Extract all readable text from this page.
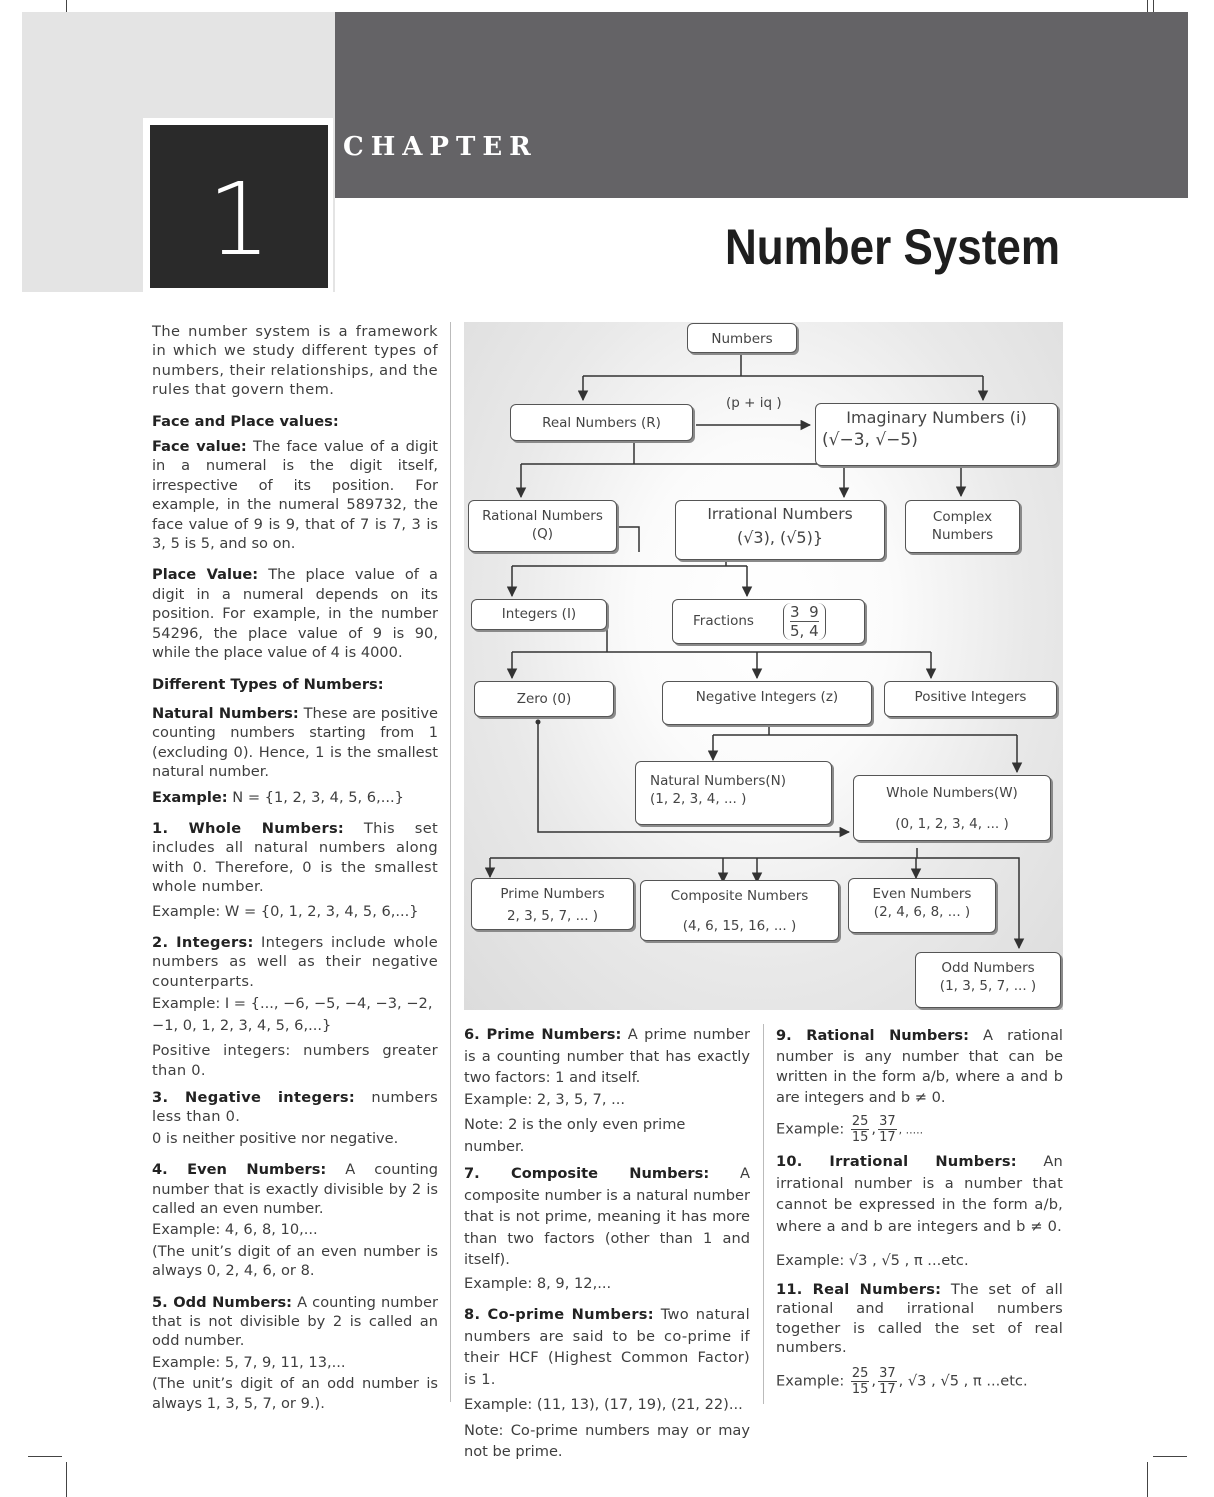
1
CHAPTER
Number System

The number system is a framework in which we study different types of numbers, their relationships, and the rules that govern them.

Face and Place values:

Face value: The face value of a digit in a numeral is the digit itself, irrespective of its position. For example, in the numeral 589732, the face value of 9 is 9, that of 7 is 7, 3 is 3, 5 is 5, and so on.

Place Value: The place value of a digit in a numeral depends on its position. For example, in the number 54296, the place value of 9 is 90, while the place value of 4 is 4000.

Different Types of Numbers:

Natural Numbers: These are positive counting numbers starting from 1 (excluding 0). Hence, 1 is the smallest natural number.

Example: N = {1, 2, 3, 4, 5, 6,...}

1. Whole Numbers: This set includes all natural numbers along with 0. Therefore, 0 is the smallest whole number.

Example: W = {0, 1, 2, 3, 4, 5, 6,...}

2. Integers: Integers include whole numbers as well as their negative counterparts.

Example: I = {..., −6, −5, −4, −3, −2, −1, 0, 1, 2, 3, 4, 5, 6,...}

Positive integers: numbers greater than 0.

3. Negative integers: numbers less than 0.

0 is neither positive nor negative.

4. Even Numbers: A counting number that is exactly divisible by 2 is called an even number.

Example: 4, 6, 8, 10,...

(The unit’s digit of an even number is always 0, 2, 4, 6, or 8.

5. Odd Numbers: A counting number that is not divisible by 2 is called an odd number.

Example: 5, 7, 9, 11, 13,...

(The unit’s digit of an odd number is always 1, 3, 5, 7, or 9.).

Numbers
(p + iq )
Real Numbers (R)	Imaginary Numbers (i)
(√−3, √−5)
Rational Numbers
(Q)
Irrational Numbers
(√3), (√5)}
Complex
Numbers
Integers (I)	Fractions $\frac{3 9}{5, 4}$
Zero (0)	Negative Integers (z)	Positive Integers
Natural Numbers(N)
(1, 2, 3, 4, ... )	Whole Numbers(W)
(0, 1, 2, 3, 4, ... )
Prime Numbers
2, 3, 5, 7, ... )
Composite Numbers
(4, 6, 15, 16, ... )
Even Numbers
(2, 4, 6, 8, ... )
Odd Numbers
(1, 3, 5, 7, ... )

6. Prime Numbers: A prime number is a counting number that has exactly two factors: 1 and itself.

Example: 2, 3, 5, 7, ...

Note: 2 is the only even prime number.

7. Composite Numbers: A composite number is a natural number that is not prime, meaning it has more than two factors (other than 1 and itself).

Example: 8, 9, 12,...

8. Co-prime Numbers: Two natural numbers are said to be co-prime if their HCF (Highest Common Factor) is 1.

Example: (11, 13), (17, 19), (21, 22)...

Note: Co-prime numbers may or may not be prime.

9. Rational Numbers: A rational number is any number that can be written in the form a/b, where a and b are integers and b ≠ 0.

Example: $\frac{25}{15}$ , $\frac{37}{17}$ , .....

10. Irrational Numbers: An irrational number is a number that cannot be expressed in the form a/b, where a and b are integers and b ≠ 0.

Example: √3 , √5 , π ...etc.

11. Real Numbers: The set of all rational and irrational numbers together is called the set of real numbers.

Example: $\frac{25}{15}$ , $\frac{37}{17}$ , √3 , √5 , π ...etc.
